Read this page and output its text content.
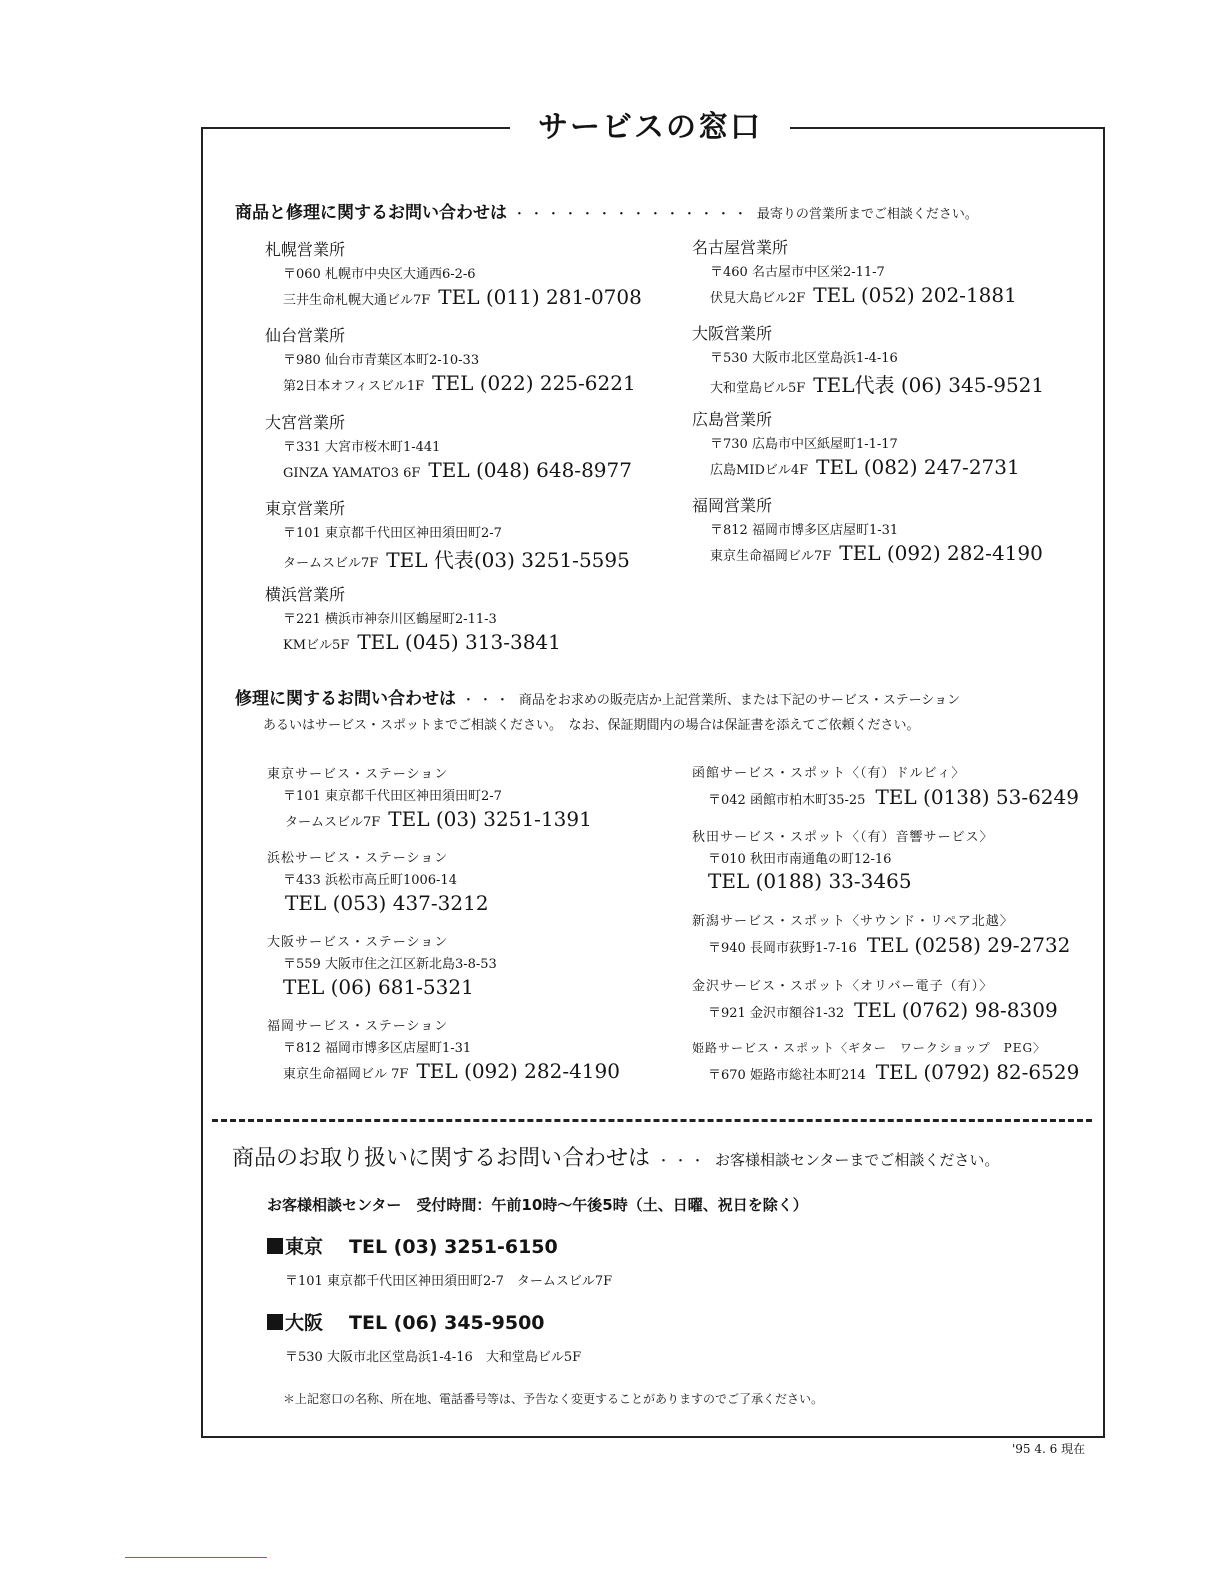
サービスの窓口
商品と修理に関するお問い合わせは ・・・・・・・・・・・・・・ 最寄りの営業所までご相談ください。
札幌営業所
〒060 札幌市中央区大通西6-2-6
三井生命札幌大通ビル7F TEL (011) 281-0708
仙台営業所
〒980 仙台市青葉区本町2-10-33
第2日本オフィスビル1F TEL (022) 225-6221
大宮営業所
〒331 大宮市桜木町1-441
GINZA YAMATO3 6F TEL (048) 648-8977
東京営業所
〒101 東京都千代田区神田須田町2-7
タームスビル7F TEL 代表(03) 3251-5595
横浜営業所
〒221 横浜市神奈川区鶴屋町2-11-3
KMビル5F TEL (045) 313-3841
名古屋営業所
〒460 名古屋市中区栄2-11-7
伏見大島ビル2F TEL (052) 202-1881
大阪営業所
〒530 大阪市北区堂島浜1-4-16
大和堂島ビル5F TEL代表 (06) 345-9521
広島営業所
〒730 広島市中区紙屋町1-1-17
広島MIDビル4F TEL (082) 247-2731
福岡営業所
〒812 福岡市博多区店屋町1-31
東京生命福岡ビル7F TEL (092) 282-4190
修理に関するお問い合わせは ・・・ 商品をお求めの販売店か上記営業所、または下記のサービス・ステーション
あるいはサービス・スポットまでご相談ください。　なお、保証期間内の場合は保証書を添えてご依頼ください。
東京サービス・ステーション
〒101 東京都千代田区神田須田町2-7
タームスビル7F TEL (03) 3251-1391
浜松サービス・ステーション
〒433 浜松市高丘町1006-14
TEL (053) 437-3212
大阪サービス・ステーション
〒559 大阪市住之江区新北島3-8-53
TEL (06) 681-5321
福岡サービス・ステーション
〒812 福岡市博多区店屋町1-31
東京生命福岡ビル 7F TEL (092) 282-4190
函館サービス・スポット〈（有）ドルビィ〉
〒042 函館市柏木町35-25 TEL (0138) 53-6249
秋田サービス・スポット〈（有）音響サービス〉
〒010 秋田市南通亀の町12-16
TEL (0188) 33-3465
新潟サービス・スポット〈サウンド・リペア北越〉
〒940 長岡市荻野1-7-16 TEL (0258) 29-2732
金沢サービス・スポット〈オリバー電子（有）〉
〒921 金沢市額谷1-32 TEL (0762) 98-8309
姫路サービス・スポット〈ギター　ワークショップ　PEG〉
〒670 姫路市総社本町214 TEL (0792) 82-6529
商品のお取り扱いに関するお問い合わせは ・・・ お客様相談センターまでご相談ください。
お客様相談センター　受付時間：午前10時～午後5時（土、日曜、祝日を除く）
東京 TEL (03) 3251-6150
〒101 東京都千代田区神田須田町2-7　タームスビル7F
大阪 TEL (06) 345-9500
〒530 大阪市北区堂島浜1-4-16　大和堂島ビル5F
＊上記窓口の名称、所在地、電話番号等は、予告なく変更することがありますのでご了承ください。
'95 4. 6 現在
